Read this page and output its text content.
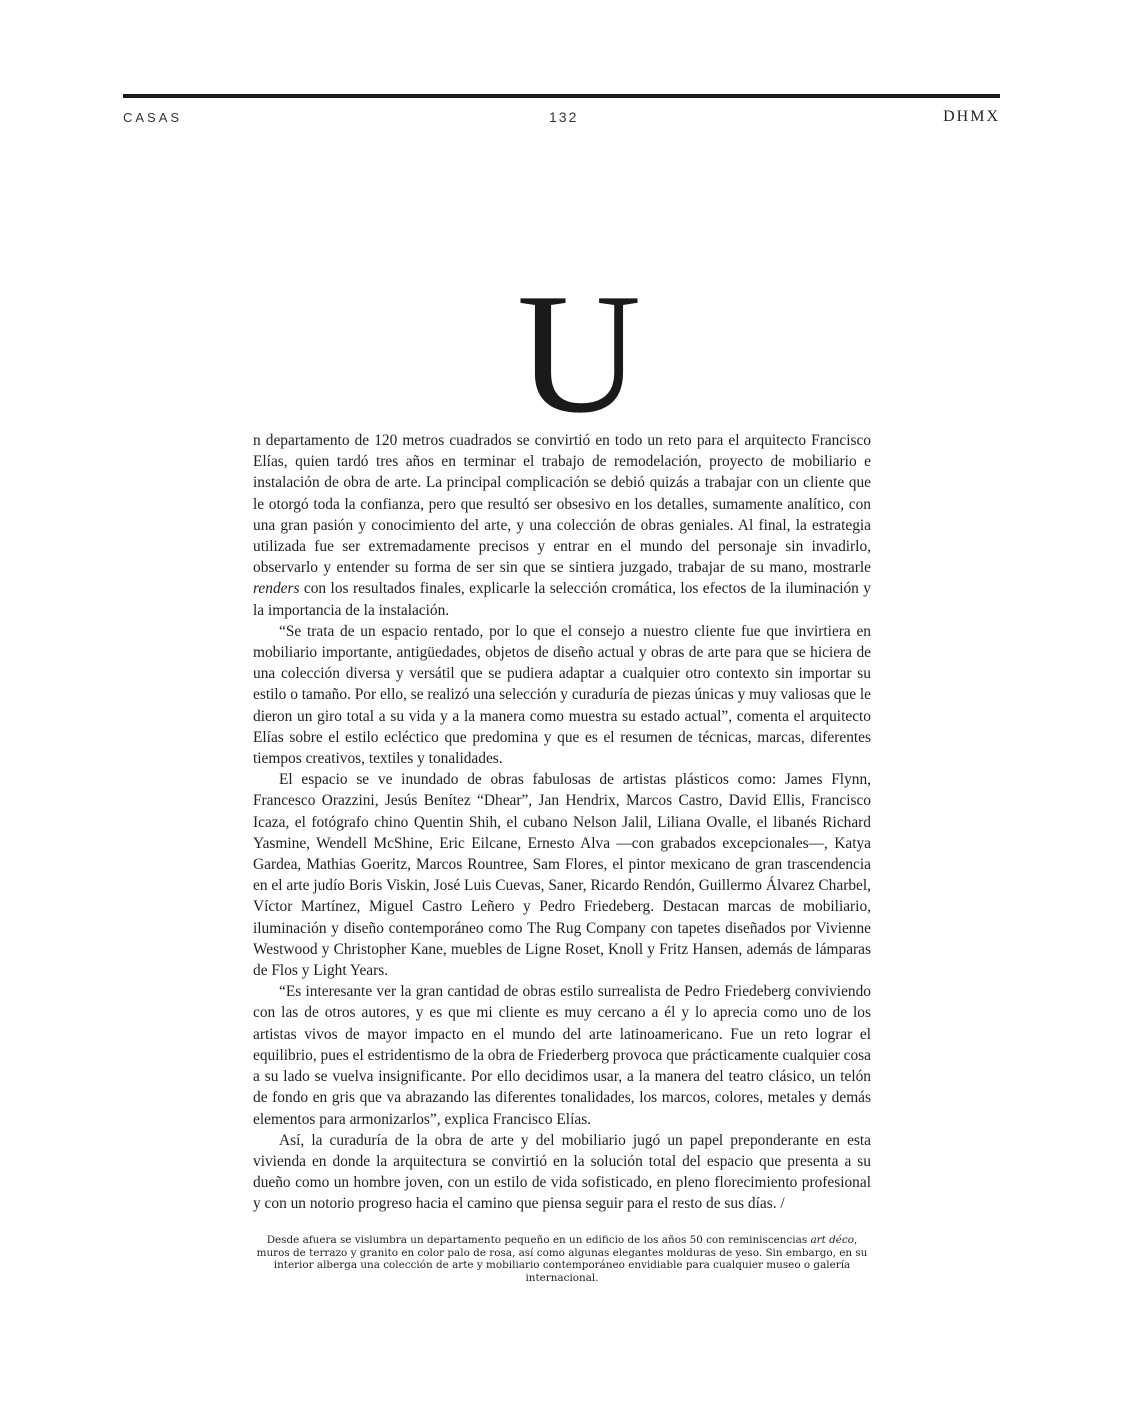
CASAS	132	DHMX
U

n departamento de 120 metros cuadrados se convirtió en todo un reto para el arquitecto Francisco Elías, quien tardó tres años en terminar el trabajo de remodelación, proyecto de mobiliario e instalación de obra de arte. La principal complicación se debió quizás a trabajar con un cliente que le otorgó toda la confianza, pero que resultó ser obsesivo en los detalles, sumamente analítico, con una gran pasión y conocimiento del arte, y una colección de obras geniales. Al final, la estrategia utilizada fue ser extremadamente precisos y entrar en el mundo del personaje sin invadirlo, observarlo y entender su forma de ser sin que se sintiera juzgado, trabajar de su mano, mostrarle renders con los resultados finales, explicarle la selección cromática, los efectos de la iluminación y la importancia de la instalación.

“Se trata de un espacio rentado, por lo que el consejo a nuestro cliente fue que invirtiera en mobiliario importante, antigüedades, objetos de diseño actual y obras de arte para que se hiciera de una colección diversa y versátil que se pudiera adaptar a cualquier otro contexto sin importar su estilo o tamaño. Por ello, se realizó una selección y curaduría de piezas únicas y muy valiosas que le dieron un giro total a su vida y a la manera como muestra su estado actual”, comenta el arquitecto Elías sobre el estilo ecléctico que predomina y que es el resumen de técnicas, marcas, diferentes tiempos creativos, textiles y tonalidades.

El espacio se ve inundado de obras fabulosas de artistas plásticos como: James Flynn, Francesco Orazzini, Jesús Benítez “Dhear”, Jan Hendrix, Marcos Castro, David Ellis, Francisco Icaza, el fotógrafo chino Quentin Shih, el cubano Nelson Jalil, Liliana Ovalle, el libanés Richard Yasmine, Wendell McShine, Eric Eilcane, Ernesto Alva —con grabados excepcionales—, Katya Gardea, Mathias Goeritz, Marcos Rountree, Sam Flores, el pintor mexicano de gran trascendencia en el arte judío Boris Viskin, José Luis Cuevas, Saner, Ricardo Rendón, Guillermo Álvarez Charbel, Víctor Martínez, Miguel Castro Leñero y Pedro Friedeberg. Destacan marcas de mobiliario, iluminación y diseño contemporáneo como The Rug Company con tapetes diseñados por Vivienne Westwood y Christopher Kane, muebles de Ligne Roset, Knoll y Fritz Hansen, además de lámparas de Flos y Light Years.

“Es interesante ver la gran cantidad de obras estilo surrealista de Pedro Friedeberg conviviendo con las de otros autores, y es que mi cliente es muy cercano a él y lo aprecia como uno de los artistas vivos de mayor impacto en el mundo del arte latinoamericano. Fue un reto lograr el equilibrio, pues el estridentismo de la obra de Friederberg provoca que prácticamente cualquier cosa a su lado se vuelva insignificante. Por ello decidimos usar, a la manera del teatro clásico, un telón de fondo en gris que va abrazando las diferentes tonalidades, los marcos, colores, metales y demás elementos para armonizarlos”, explica Francisco Elías.

Así, la curaduría de la obra de arte y del mobiliario jugó un papel preponderante en esta vivienda en donde la arquitectura se convirtió en la solución total del espacio que presenta a su dueño como un hombre joven, con un estilo de vida sofisticado, en pleno florecimiento profesional y con un notorio progreso hacia el camino que piensa seguir para el resto de sus días. /

Desde afuera se vislumbra un departamento pequeño en un edificio de los años 50 con reminiscencias art déco, muros de terrazo y granito en color palo de rosa, así como algunas elegantes molduras de yeso. Sin embargo, en su interior alberga una colección de arte y mobiliario contemporáneo envidiable para cualquier museo o galería internacional.
